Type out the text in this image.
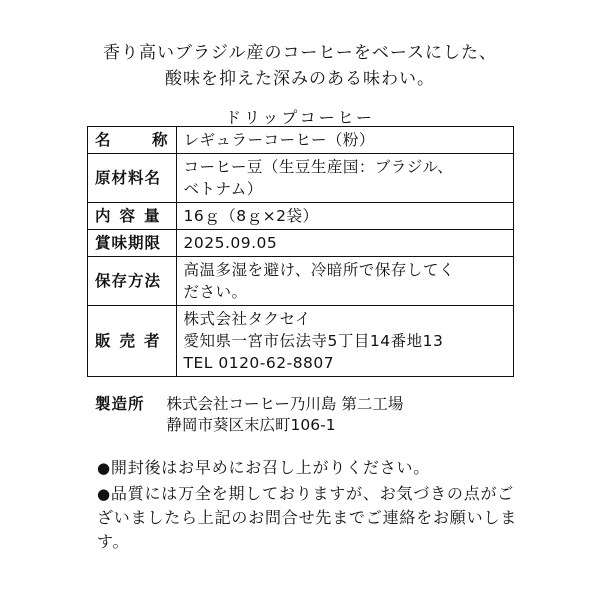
香り高いブラジル産のコーヒーをベースにした、
酸味を抑えた深みのある味わい。
ドリップコーヒー
名 称	レギュラーコーヒー（粉）
原材料名	コーヒー豆（生豆生産国：ブラジル、
ベトナム）

内容量	16ｇ（8ｇ×2袋）
賞味期限	2025.09.05
保存方法	高温多湿を避け、冷暗所で保存してく
ださい。

販売者	株式会社タクセイ
愛知県一宮市伝法寺5丁目14番地13
TEL 0120-62-8807
製造所 株式会社コーヒー乃川島 第二工場
静岡市葵区末広町106-1
●開封後はお早めにお召し上がりください。
●品質には万全を期しておりますが、お気づきの点がございましたら上記のお問合せ先までご連絡をお願いします。
